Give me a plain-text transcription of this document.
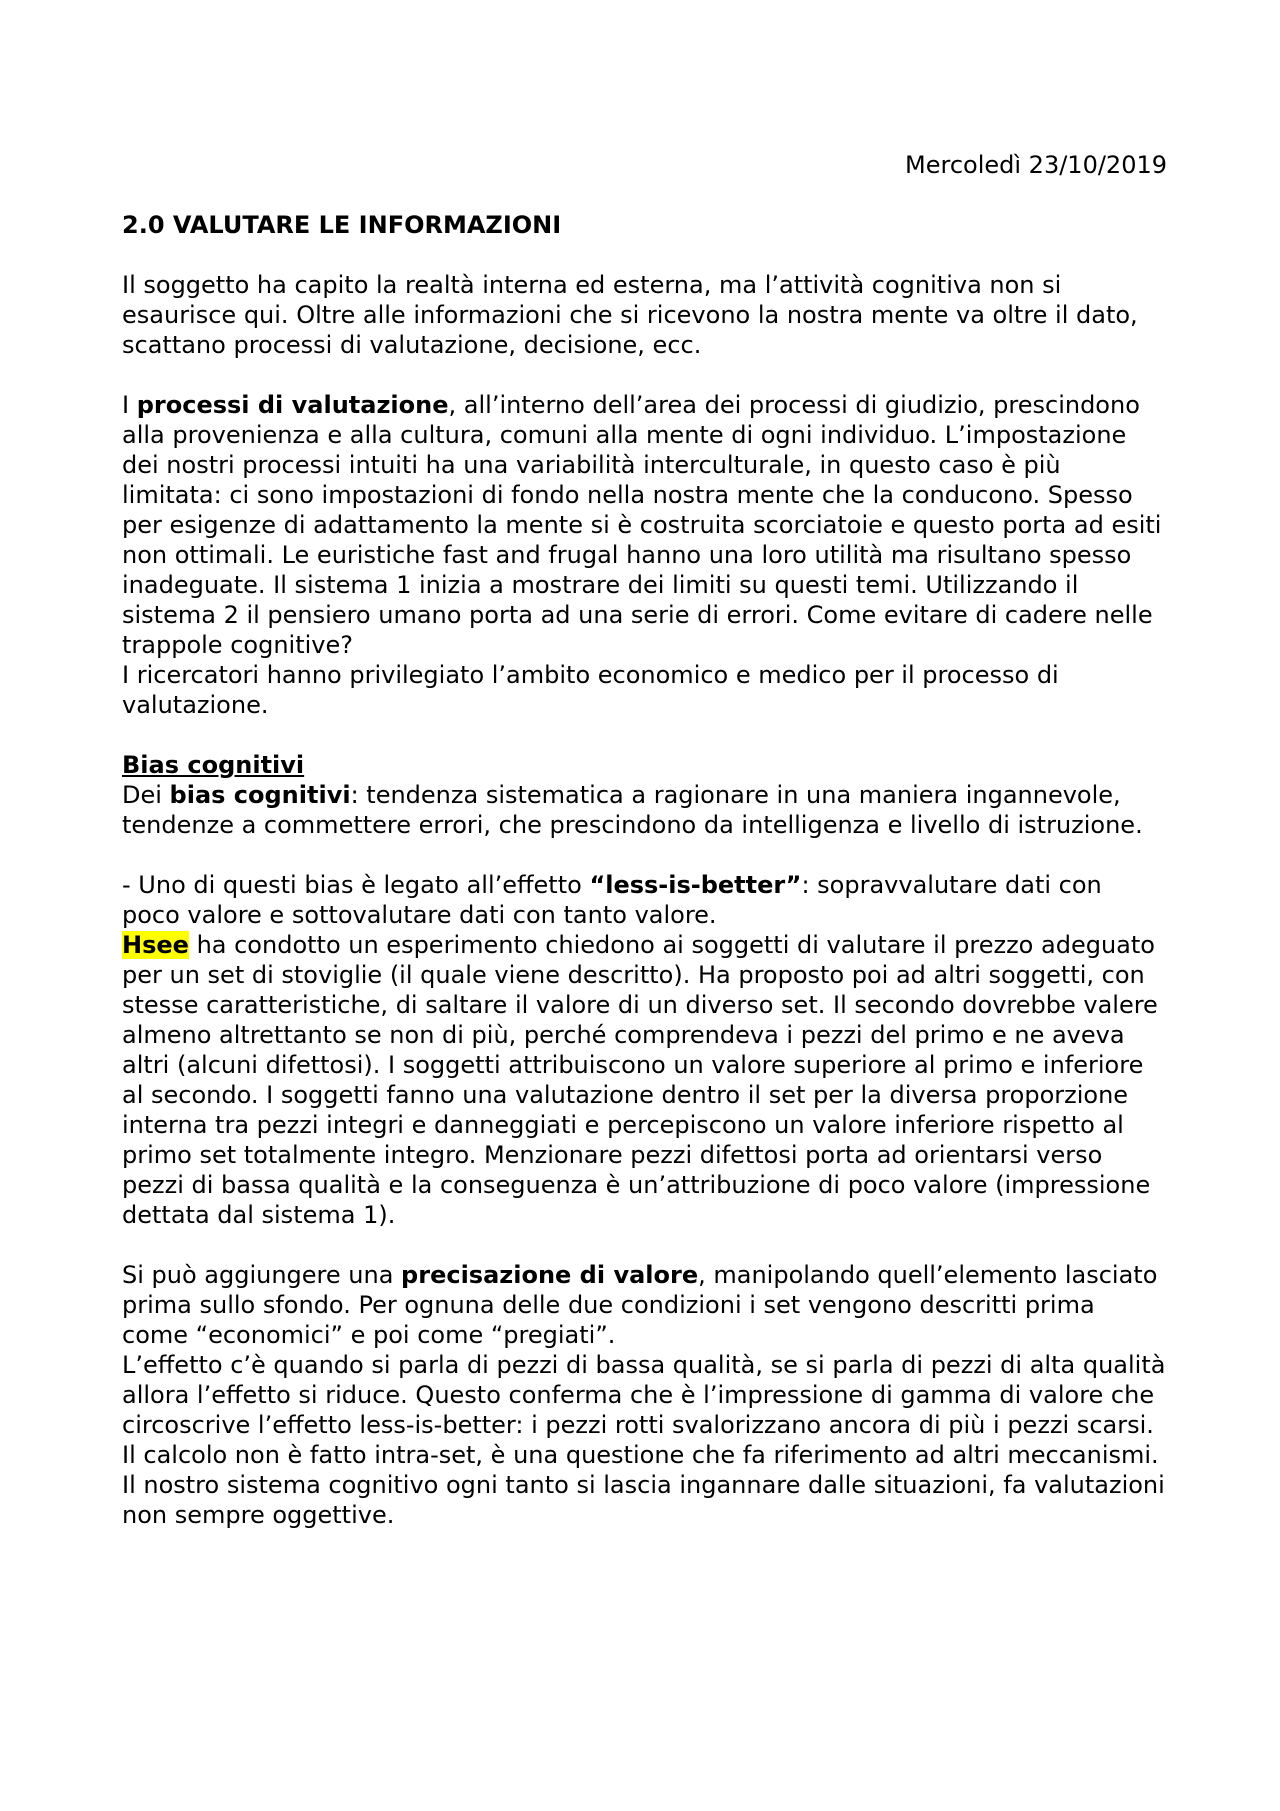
Mercoledì 23/10/2019

2.0 VALUTARE LE INFORMAZIONI

Il soggetto ha capito la realtà interna ed esterna, ma l’attività cognitiva non si esaurisce qui. Oltre alle informazioni che si ricevono la nostra mente va oltre il dato, scattano processi di valutazione, decisione, ecc.

I processi di valutazione, all’interno dell’area dei processi di giudizio, prescindono alla provenienza e alla cultura, comuni alla mente di ogni individuo. L’impostazione dei nostri processi intuiti ha una variabilità interculturale, in questo caso è più limitata: ci sono impostazioni di fondo nella nostra mente che la conducono. Spesso per esigenze di adattamento la mente si è costruita scorciatoie e questo porta ad esiti non ottimali. Le euristiche fast and frugal hanno una loro utilità ma risultano spesso inadeguate. Il sistema 1 inizia a mostrare dei limiti su questi temi. Utilizzando il sistema 2 il pensiero umano porta ad una serie di errori. Come evitare di cadere nelle trappole cognitive?

I ricercatori hanno privilegiato l’ambito economico e medico per il processo di valutazione.

Bias cognitivi

Dei bias cognitivi: tendenza sistematica a ragionare in una maniera ingannevole, tendenze a commettere errori, che prescindono da intelligenza e livello di istruzione.

- Uno di questi bias è legato all’effetto “less-is-better”: sopravvalutare dati con poco valore e sottovalutare dati con tanto valore.

Hsee ha condotto un esperimento chiedono ai soggetti di valutare il prezzo adeguato per un set di stoviglie (il quale viene descritto). Ha proposto poi ad altri soggetti, con stesse caratteristiche, di saltare il valore di un diverso set. Il secondo dovrebbe valere almeno altrettanto se non di più, perché comprendeva i pezzi del primo e ne aveva altri (alcuni difettosi). I soggetti attribuiscono un valore superiore al primo e inferiore al secondo. I soggetti fanno una valutazione dentro il set per la diversa proporzione interna tra pezzi integri e danneggiati e percepiscono un valore inferiore rispetto al primo set totalmente integro. Menzionare pezzi difettosi porta ad orientarsi verso pezzi di bassa qualità e la conseguenza è un’attribuzione di poco valore (impressione dettata dal sistema 1).

Si può aggiungere una precisazione di valore, manipolando quell’elemento lasciato prima sullo sfondo. Per ognuna delle due condizioni i set vengono descritti prima come “economici” e poi come “pregiati”.

L’effetto c’è quando si parla di pezzi di bassa qualità, se si parla di pezzi di alta qualità allora l’effetto si riduce. Questo conferma che è l’impressione di gamma di valore che circoscrive l’effetto less-is-better: i pezzi rotti svalorizzano ancora di più i pezzi scarsi. Il calcolo non è fatto intra-set, è una questione che fa riferimento ad altri meccanismi.

Il nostro sistema cognitivo ogni tanto si lascia ingannare dalle situazioni, fa valutazioni non sempre oggettive.
